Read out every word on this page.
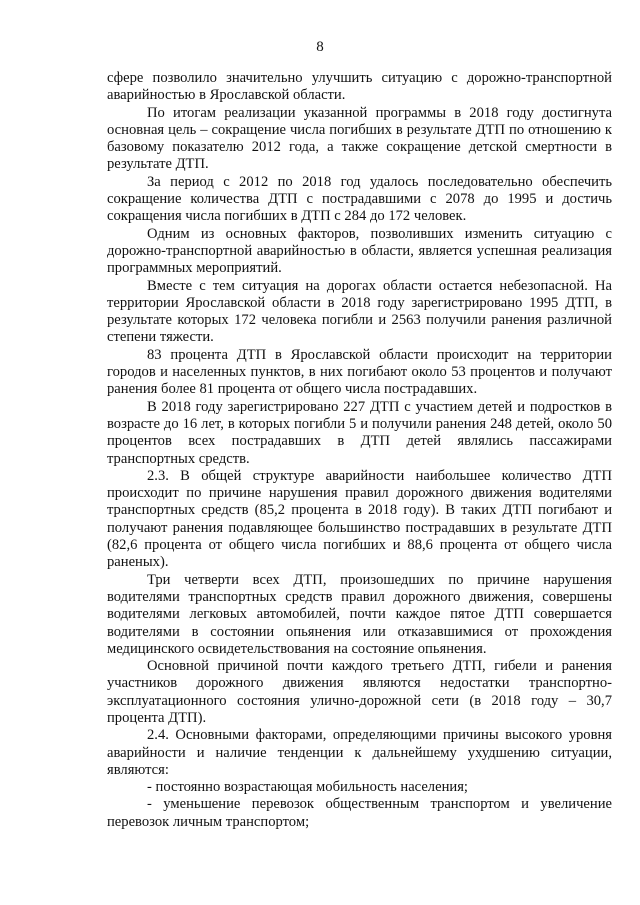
8

сфере позволило значительно улучшить ситуацию с дорожно-транспортной аварийностью в Ярославской области.

По итогам реализации указанной программы в 2018 году достигнута основная цель – сокращение числа погибших в результате ДТП по отношению к базовому показателю 2012 года, а также сокращение детской смертности в результате ДТП.

За период с 2012 по 2018 год удалось последовательно обеспечить сокращение количества ДТП с пострадавшими с 2078 до 1995 и достичь сокращения числа погибших в ДТП с 284 до 172 человек.

Одним из основных факторов, позволивших изменить ситуацию с дорожно-транспортной аварийностью в области, является успешная реализация программных мероприятий.

Вместе с тем ситуация на дорогах области остается небезопасной. На территории Ярославской области в 2018 году зарегистрировано 1995 ДТП, в результате которых 172 человека погибли и 2563 получили ранения различной степени тяжести.

83 процента ДТП в Ярославской области происходит на территории городов и населенных пунктов, в них погибают около 53 процентов и получают ранения более 81 процента от общего числа пострадавших.

В 2018 году зарегистрировано 227 ДТП с участием детей и подростков в возрасте до 16 лет, в которых погибли 5 и получили ранения 248 детей, около 50 процентов всех пострадавших в ДТП детей являлись пассажирами транспортных средств.

2.3. В общей структуре аварийности наибольшее количество ДТП происходит по причине нарушения правил дорожного движения водителями транспортных средств (85,2 процента в 2018 году). В таких ДТП погибают и получают ранения подавляющее большинство пострадавших в результате ДТП (82,6 процента от общего числа погибших и 88,6 процента от общего числа раненых).

Три четверти всех ДТП, произошедших по причине нарушения водителями транспортных средств правил дорожного движения, совершены водителями легковых автомобилей, почти каждое пятое ДТП совершается водителями в состоянии опьянения или отказавшимися от прохождения медицинского освидетельствования на состояние опьянения.

Основной причиной почти каждого третьего ДТП, гибели и ранения участников дорожного движения являются недостатки транспортно-эксплуатационного состояния улично-дорожной сети (в 2018 году – 30,7 процента ДТП).

2.4. Основными факторами, определяющими причины высокого уровня аварийности и наличие тенденции к дальнейшему ухудшению ситуации, являются:

- постоянно возрастающая мобильность населения;

- уменьшение перевозок общественным транспортом и увеличение перевозок личным транспортом;
